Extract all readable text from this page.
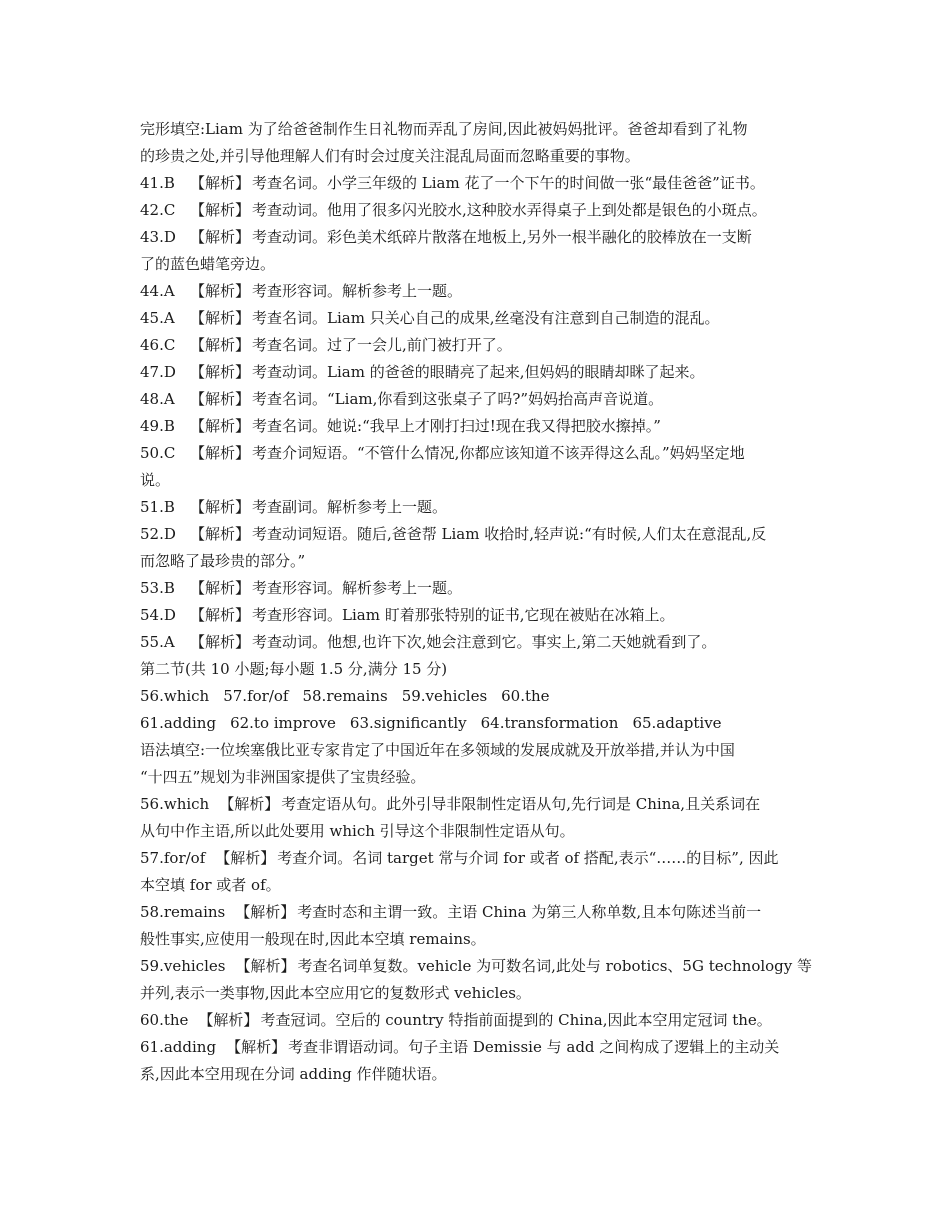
完形填空:Liam 为了给爸爸制作生日礼物而弄乱了房间,因此被妈妈批评。爸爸却看到了礼物
的珍贵之处,并引导他理解人们有时会过度关注混乱局面而忽略重要的事物。
41.B 【解析】 考查名词。小学三年级的 Liam 花了一个下午的时间做一张“最佳爸爸”证书。
42.C 【解析】 考查动词。他用了很多闪光胶水,这种胶水弄得桌子上到处都是银色的小斑点。
43.D 【解析】 考查动词。彩色美术纸碎片散落在地板上,另外一根半融化的胶棒放在一支断
了的蓝色蜡笔旁边。
44.A 【解析】 考查形容词。解析参考上一题。
45.A 【解析】 考查名词。Liam 只关心自己的成果,丝毫没有注意到自己制造的混乱。
46.C 【解析】 考查名词。过了一会儿,前门被打开了。
47.D 【解析】 考查动词。Liam 的爸爸的眼睛亮了起来,但妈妈的眼睛却眯了起来。
48.A 【解析】 考查名词。“Liam,你看到这张桌子了吗?”妈妈抬高声音说道。
49.B 【解析】 考查名词。她说:“我早上才刚打扫过!现在我又得把胶水擦掉。”
50.C 【解析】 考查介词短语。“不管什么情况,你都应该知道不该弄得这么乱。”妈妈坚定地
说。
51.B 【解析】 考查副词。解析参考上一题。
52.D 【解析】 考查动词短语。随后,爸爸帮 Liam 收拾时,轻声说:“有时候,人们太在意混乱,反
而忽略了最珍贵的部分。”
53.B 【解析】 考查形容词。解析参考上一题。
54.D 【解析】 考查形容词。Liam 盯着那张特别的证书,它现在被贴在冰箱上。
55.A 【解析】 考查动词。他想,也许下次,她会注意到它。事实上,第二天她就看到了。
第二节(共 10 小题;每小题 1.5 分,满分 15 分)
56.which 57.for/of 58.remains 59.vehicles 60.the
61.adding 62.to improve 63.significantly 64.transformation 65.adaptive
语法填空:一位埃塞俄比亚专家肯定了中国近年在多领域的发展成就及开放举措,并认为中国
“十四五”规划为非洲国家提供了宝贵经验。
56.which 【解析】 考查定语从句。此外引导非限制性定语从句,先行词是 China,且关系词在
从句中作主语,所以此处要用 which 引导这个非限制性定语从句。
57.for/of 【解析】 考查介词。名词 target 常与介词 for 或者 of 搭配,表示“……的目标”, 因此
本空填 for 或者 of。
58.remains 【解析】 考查时态和主谓一致。主语 China 为第三人称单数,且本句陈述当前一
般性事实,应使用一般现在时,因此本空填 remains。
59.vehicles 【解析】 考查名词单复数。vehicle 为可数名词,此处与 robotics、5G technology 等
并列,表示一类事物,因此本空应用它的复数形式 vehicles。
60.the 【解析】 考查冠词。空后的 country 特指前面提到的 China,因此本空用定冠词 the。
61.adding 【解析】 考查非谓语动词。句子主语 Demissie 与 add 之间构成了逻辑上的主动关
系,因此本空用现在分词 adding 作伴随状语。
